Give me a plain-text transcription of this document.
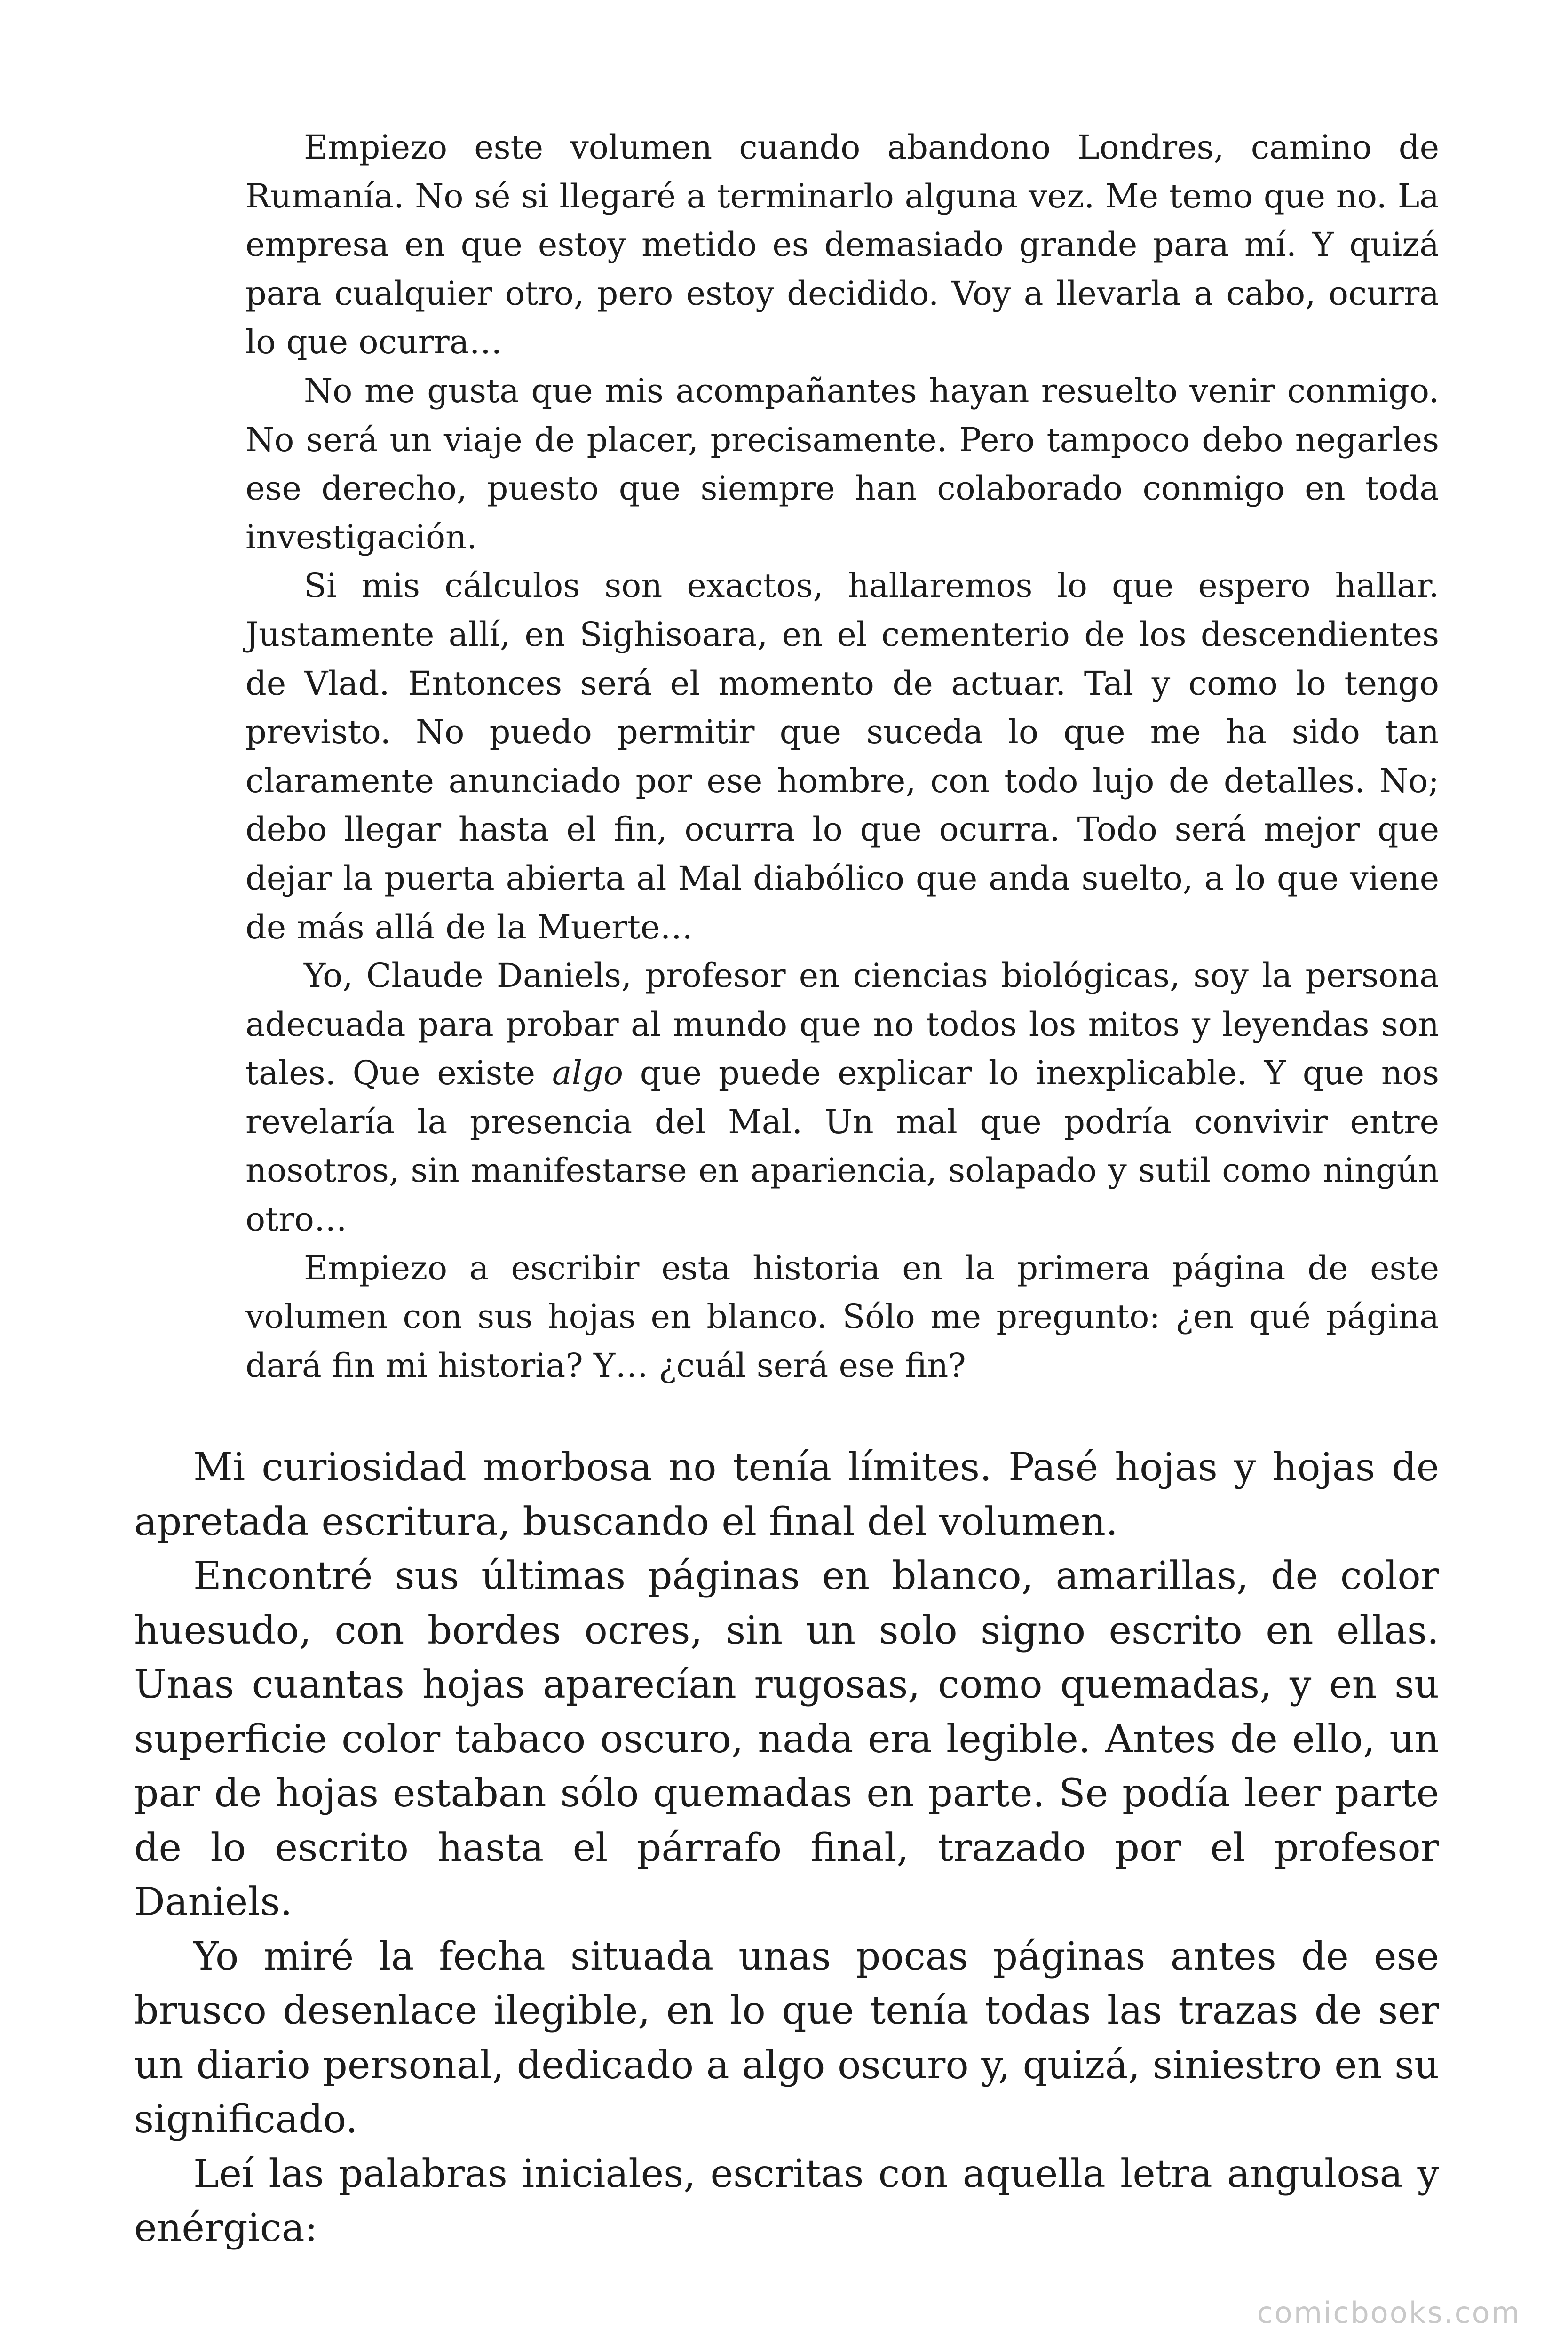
Empiezo este volumen cuando abandono Londres, camino de Rumanía. No sé si llegaré a terminarlo alguna vez. Me temo que no. La empresa en que estoy metido es demasiado grande para mí. Y quizá para cualquier otro, pero estoy decidido. Voy a llevarla a cabo, ocurra lo que ocurra…

No me gusta que mis acompañantes hayan resuelto venir conmigo. No será un viaje de placer, precisamente. Pero tampoco debo negarles ese derecho, puesto que siempre han colaborado conmigo en toda investigación.

Si mis cálculos son exactos, hallaremos lo que espero hallar. Justamente allí, en Sighisoara, en el cementerio de los descendientes de Vlad. Entonces será el momento de actuar. Tal y como lo tengo previsto. No puedo permitir que suceda lo que me ha sido tan claramente anunciado por ese hombre, con todo lujo de detalles. No; debo llegar hasta el fin, ocurra lo que ocurra. Todo será mejor que dejar la puerta abierta al Mal diabólico que anda suelto, a lo que viene de más allá de la Muerte…

Yo, Claude Daniels, profesor en ciencias biológicas, soy la persona adecuada para probar al mundo que no todos los mitos y leyendas son tales. Que existe algo que puede explicar lo inexplicable. Y que nos revelaría la presencia del Mal. Un mal que podría convivir entre nosotros, sin manifestarse en apariencia, solapado y sutil como ningún otro…

Empiezo a escribir esta historia en la primera página de este volumen con sus hojas en blanco. Sólo me pregunto: ¿en qué página dará fin mi historia? Y… ¿cuál será ese fin?

Mi curiosidad morbosa no tenía límites. Pasé hojas y hojas de apretada escritura, buscando el final del volumen.

Encontré sus últimas páginas en blanco, amarillas, de color huesudo, con bordes ocres, sin un solo signo escrito en ellas. Unas cuantas hojas aparecían rugosas, como quemadas, y en su superficie color tabaco oscuro, nada era legible. Antes de ello, un par de hojas estaban sólo quemadas en parte. Se podía leer parte de lo escrito hasta el párrafo final, trazado por el profesor Daniels.

Yo miré la fecha situada unas pocas páginas antes de ese brusco desenlace ilegible, en lo que tenía todas las trazas de ser un diario personal, dedicado a algo oscuro y, quizá, siniestro en su significado.

Leí las palabras iniciales, escritas con aquella letra angulosa y enérgica:

comicbooks.com
